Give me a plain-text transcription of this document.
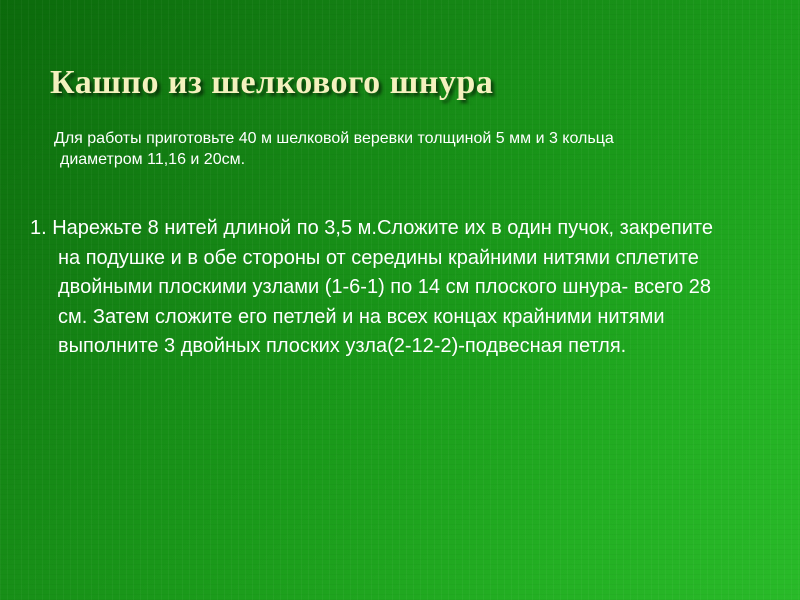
Кашпо из шелкового шнура

Для работы приготовьте 40 м шелковой веревки толщиной 5 мм и 3 кольца диаметром 11,16 и 20см.

1. Нарежьте 8 нитей длиной по 3,5 м.Сложите их в один пучок, закрепите на подушке и в обе стороны от середины крайними нитями сплетите двойными плоскими узлами (1-6-1) по 14 см плоского шнура- всего 28 см. Затем сложите его петлей и на всех концах крайними нитями выполните 3 двойных плоских узла(2-12-2)-подвесная петля.
